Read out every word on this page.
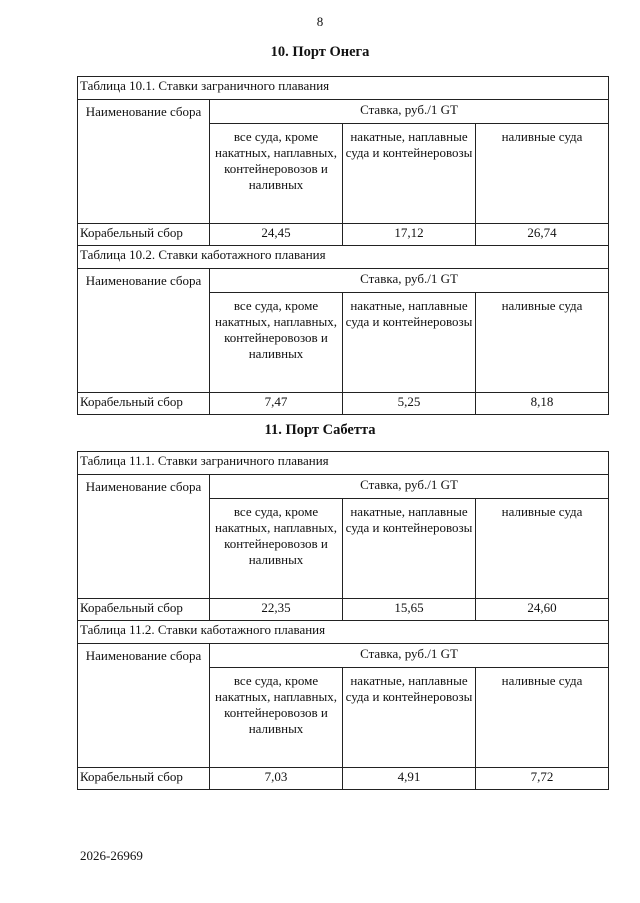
8
10. Порт Онега
Таблица 10.1. Ставки заграничного плавания			
Наименование сбора	Ставка, руб./1 GT		
	все суда, кроме накатных, наплавных, контейнеровозов и наливных	накатные, наплавные суда и контейнеровозы	наливные суда
Корабельный сбор	24,45	17,12	26,74
Таблица 10.2. Ставки каботажного плавания			
Наименование сбора	Ставка, руб./1 GT		
	все суда, кроме накатных, наплавных, контейнеровозов и наливных	накатные, наплавные суда и контейнеровозы	наливные суда
Корабельный сбор	7,47	5,25	8,18
11. Порт Сабетта
Таблица 11.1. Ставки заграничного плавания			
Наименование сбора	Ставка, руб./1 GT		
	все суда, кроме накатных, наплавных, контейнеровозов и наливных	накатные, наплавные суда и контейнеровозы	наливные суда
Корабельный сбор	22,35	15,65	24,60
Таблица 11.2. Ставки каботажного плавания			
Наименование сбора	Ставка, руб./1 GT		
	все суда, кроме накатных, наплавных, контейнеровозов и наливных	накатные, наплавные суда и контейнеровозы	наливные суда
Корабельный сбор	7,03	4,91	7,72
2026-26969
